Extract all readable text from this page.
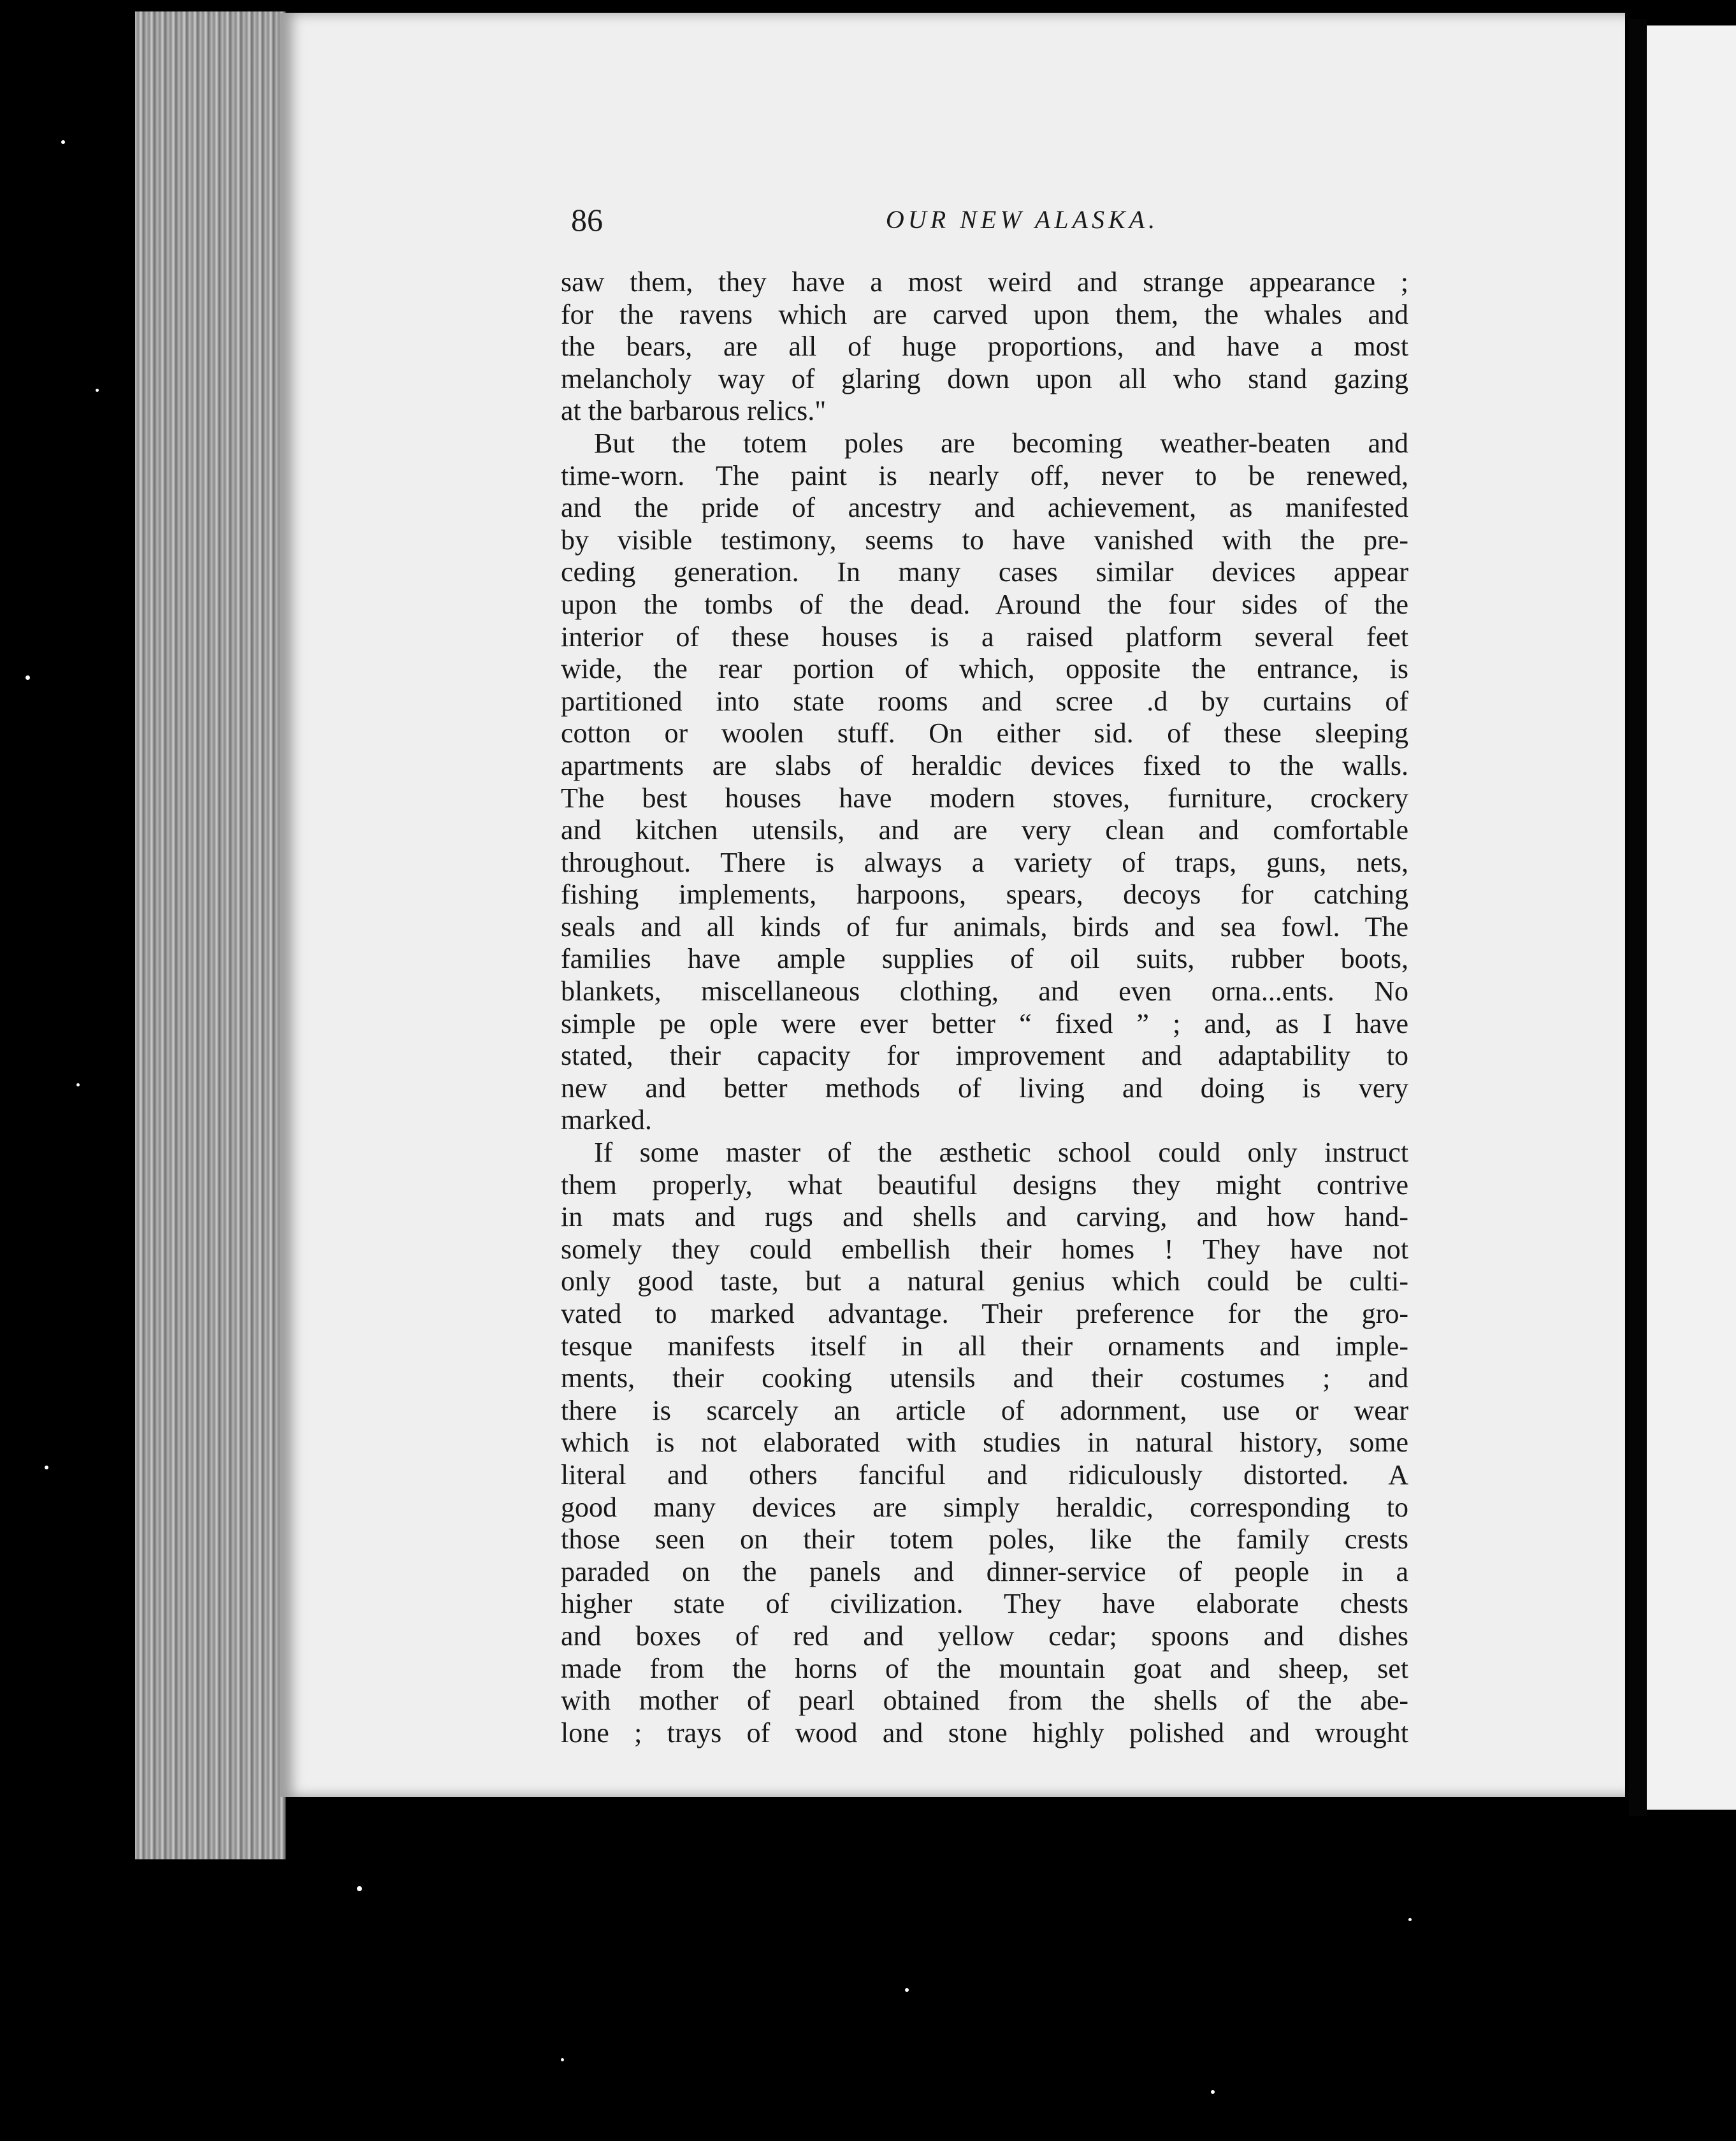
86	OUR NEW ALASKA.
saw them, they have a most weird and strange appearance ;
for the ravens which are carved upon them, the whales and
the bears, are all of huge proportions, and have a most
melancholy way of glaring down upon all who stand gazing
at the barbarous relics."
But the totem poles are becoming weather-beaten and
time-worn. The paint is nearly off, never to be renewed,
and the pride of ancestry and achievement, as manifested
by visible testimony, seems to have vanished with the pre-
ceding generation. In many cases similar devices appear
upon the tombs of the dead. Around the four sides of the
interior of these houses is a raised platform several feet
wide, the rear portion of which, opposite the entrance, is
partitioned into state rooms and scree .d by curtains of
cotton or woolen stuff. On either sid. of these sleeping
apartments are slabs of heraldic devices fixed to the walls.
The best houses have modern stoves, furniture, crockery
and kitchen utensils, and are very clean and comfortable
throughout. There is always a variety of traps, guns, nets,
fishing implements, harpoons, spears, decoys for catching
seals and all kinds of fur animals, birds and sea fowl. The
families have ample supplies of oil suits, rubber boots,
blankets, miscellaneous clothing, and even orna...ents. No
simple pe ople were ever better “ fixed ” ; and, as I have
stated, their capacity for improvement and adaptability to
new and better methods of living and doing is very
marked.
If some master of the æsthetic school could only instruct
them properly, what beautiful designs they might contrive
in mats and rugs and shells and carving, and how hand-
somely they could embellish their homes ! They have not
only good taste, but a natural genius which could be culti-
vated to marked advantage. Their preference for the gro-
tesque manifests itself in all their ornaments and imple-
ments, their cooking utensils and their costumes ; and
there is scarcely an article of adornment, use or wear
which is not elaborated with studies in natural history, some
literal and others fanciful and ridiculously distorted. A
good many devices are simply heraldic, corresponding to
those seen on their totem poles, like the family crests
paraded on the panels and dinner-service of people in a
higher state of civilization. They have elaborate chests
and boxes of red and yellow cedar; spoons and dishes
made from the horns of the mountain goat and sheep, set
with mother of pearl obtained from the shells of the abe-
lone ; trays of wood and stone highly polished and wrought
